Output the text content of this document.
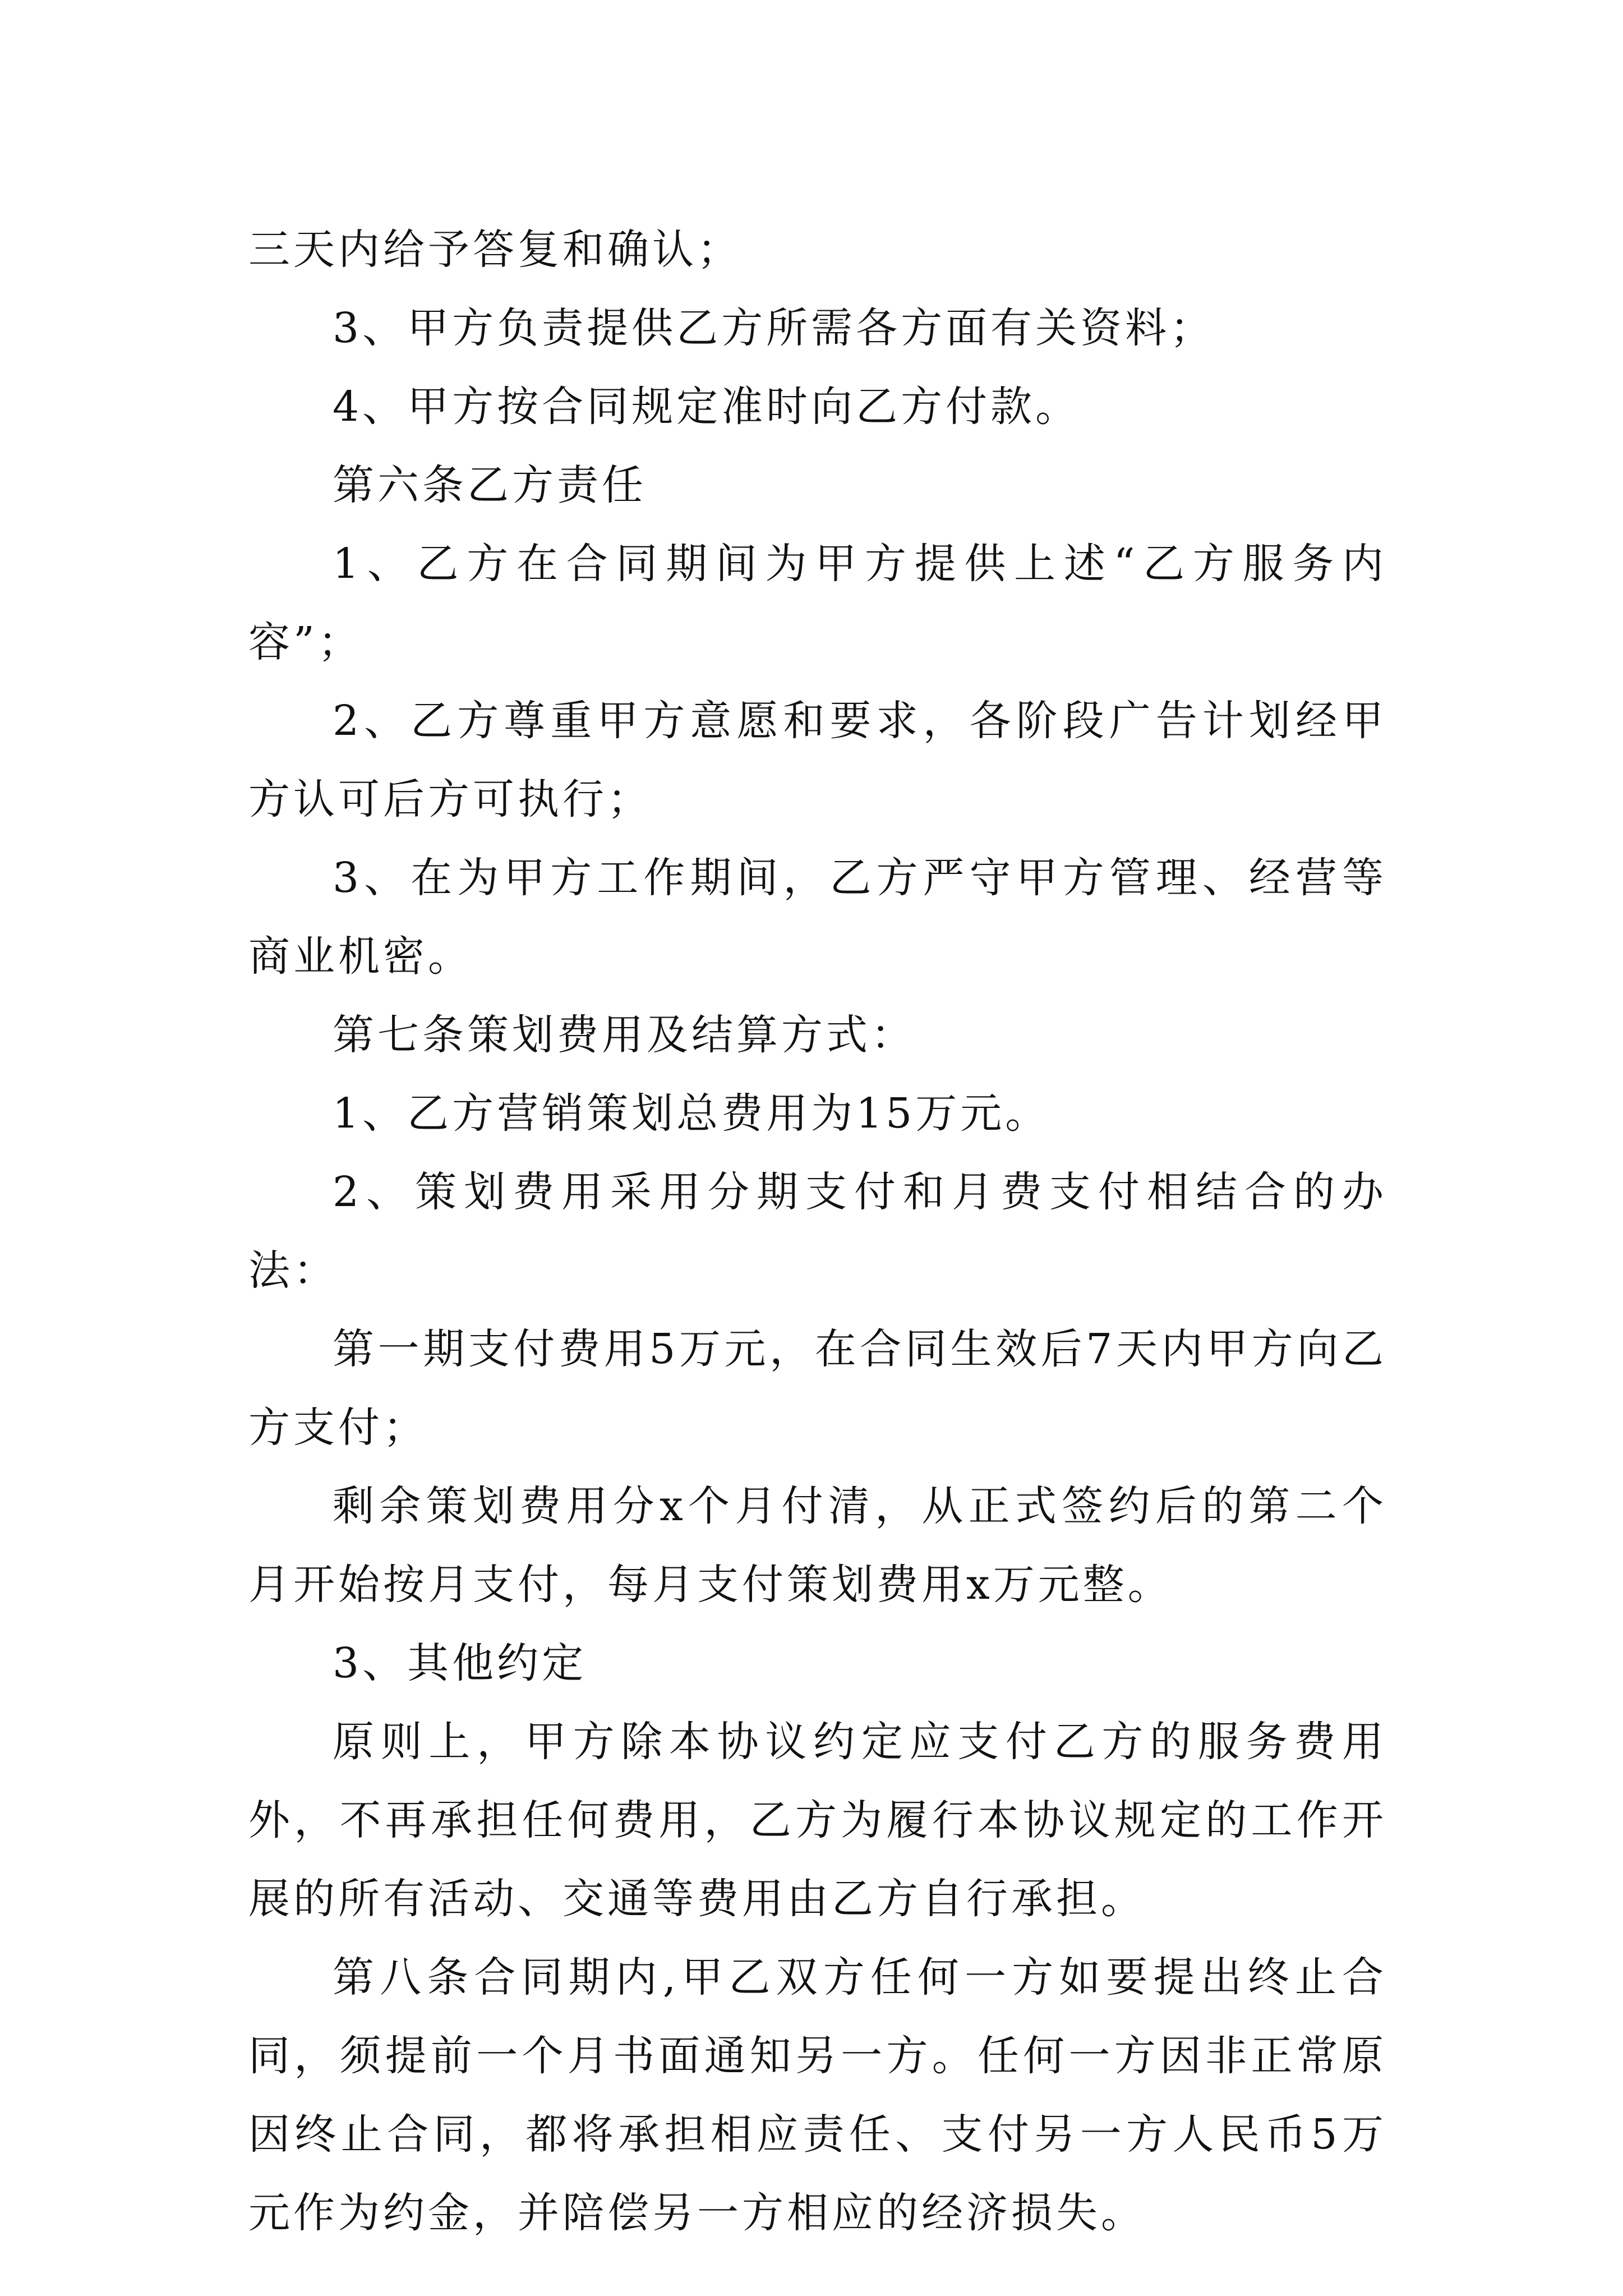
三天内给予答复和确认；

3、甲方负责提供乙方所需各方面有关资料；

4、甲方按合同规定准时向乙方付款。

第六条乙方责任

1、乙方在合同期间为甲方提供上述“乙方服务内容”；

2、乙方尊重甲方意愿和要求，各阶段广告计划经甲方认可后方可执行；

3、在为甲方工作期间，乙方严守甲方管理、经营等商业机密。

第七条策划费用及结算方式：

1、乙方营销策划总费用为15万元。

2、策划费用采用分期支付和月费支付相结合的办法：

第一期支付费用5万元，在合同生效后7天内甲方向乙方支付；

剩余策划费用分x个月付清，从正式签约后的第二个月开始按月支付，每月支付策划费用x万元整。

3、其他约定

原则上，甲方除本协议约定应支付乙方的服务费用外，不再承担任何费用，乙方为履行本协议规定的工作开展的所有活动、交通等费用由乙方自行承担。

第八条合同期内,甲乙双方任何一方如要提出终止合同，须提前一个月书面通知另一方。任何一方因非正常原因终止合同，都将承担相应责任、支付另一方人民币5万元作为约金，并陪偿另一方相应的经济损失。
